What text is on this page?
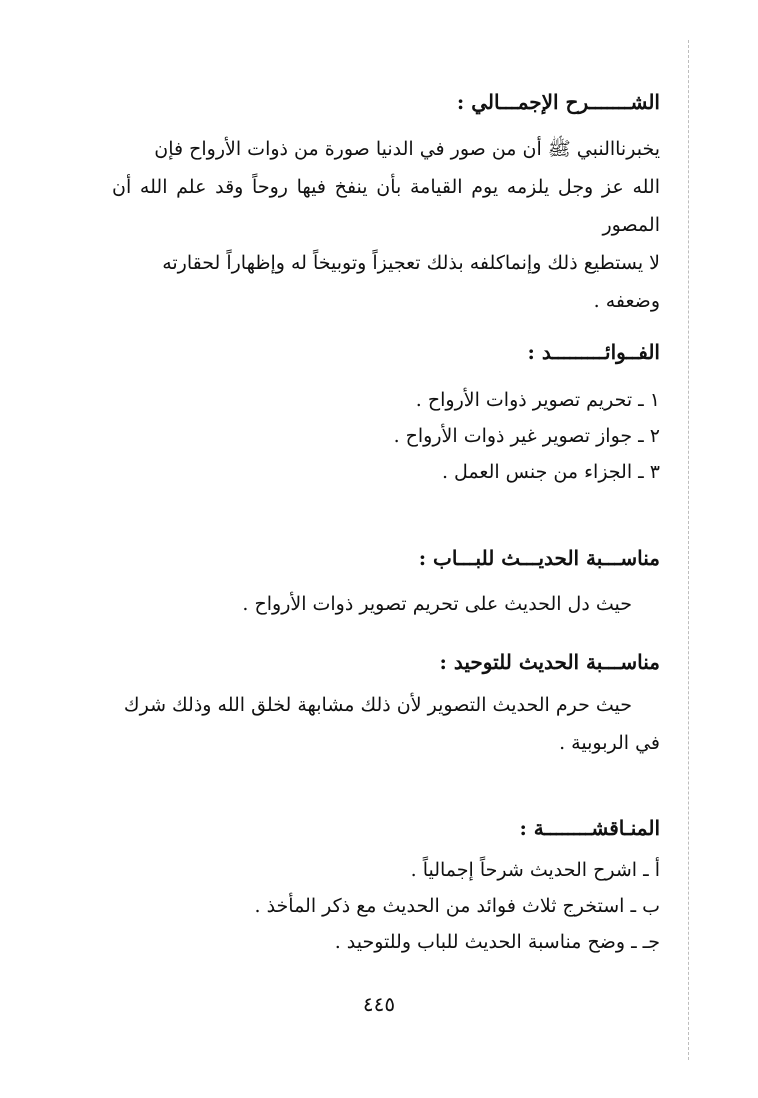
الشـــــــرح الإجمـــالي :
يخبرناالنبي ﷺ أن من صور في الدنيا صورة من ذوات الأرواح فإن
الله عز وجل يلزمه يوم القيامة بأن ينفخ فيها روحاً وقد علم الله أن المصور
لا يستطيع ذلك وإنماكلفه بذلك تعجيزاً وتوبيخاً له وإظهاراً لحقارته
وضعفه .
الفــوائـــــــــد :
١ ـ تحريم تصوير ذوات الأرواح .
٢ ـ جواز تصوير غير ذوات الأرواح .
٣ ـ الجزاء من جنس العمل .
مناســـبة الحديـــث للبـــاب :
حيث دل الحديث على تحريم تصوير ذوات الأرواح .
مناســـبة الحديث للتوحيد :
حيث حرم الحديث التصوير لأن ذلك مشابهة لخلق الله وذلك شرك
في الربوبية .
المنـاقشــــــــة :
أ ـ اشرح الحديث شرحاً إجمالياً .
ب ـ استخرج ثلاث فوائد من الحديث مع ذكر المأخذ .
جـ ـ وضح مناسبة الحديث للباب وللتوحيد .
٤٤٥
